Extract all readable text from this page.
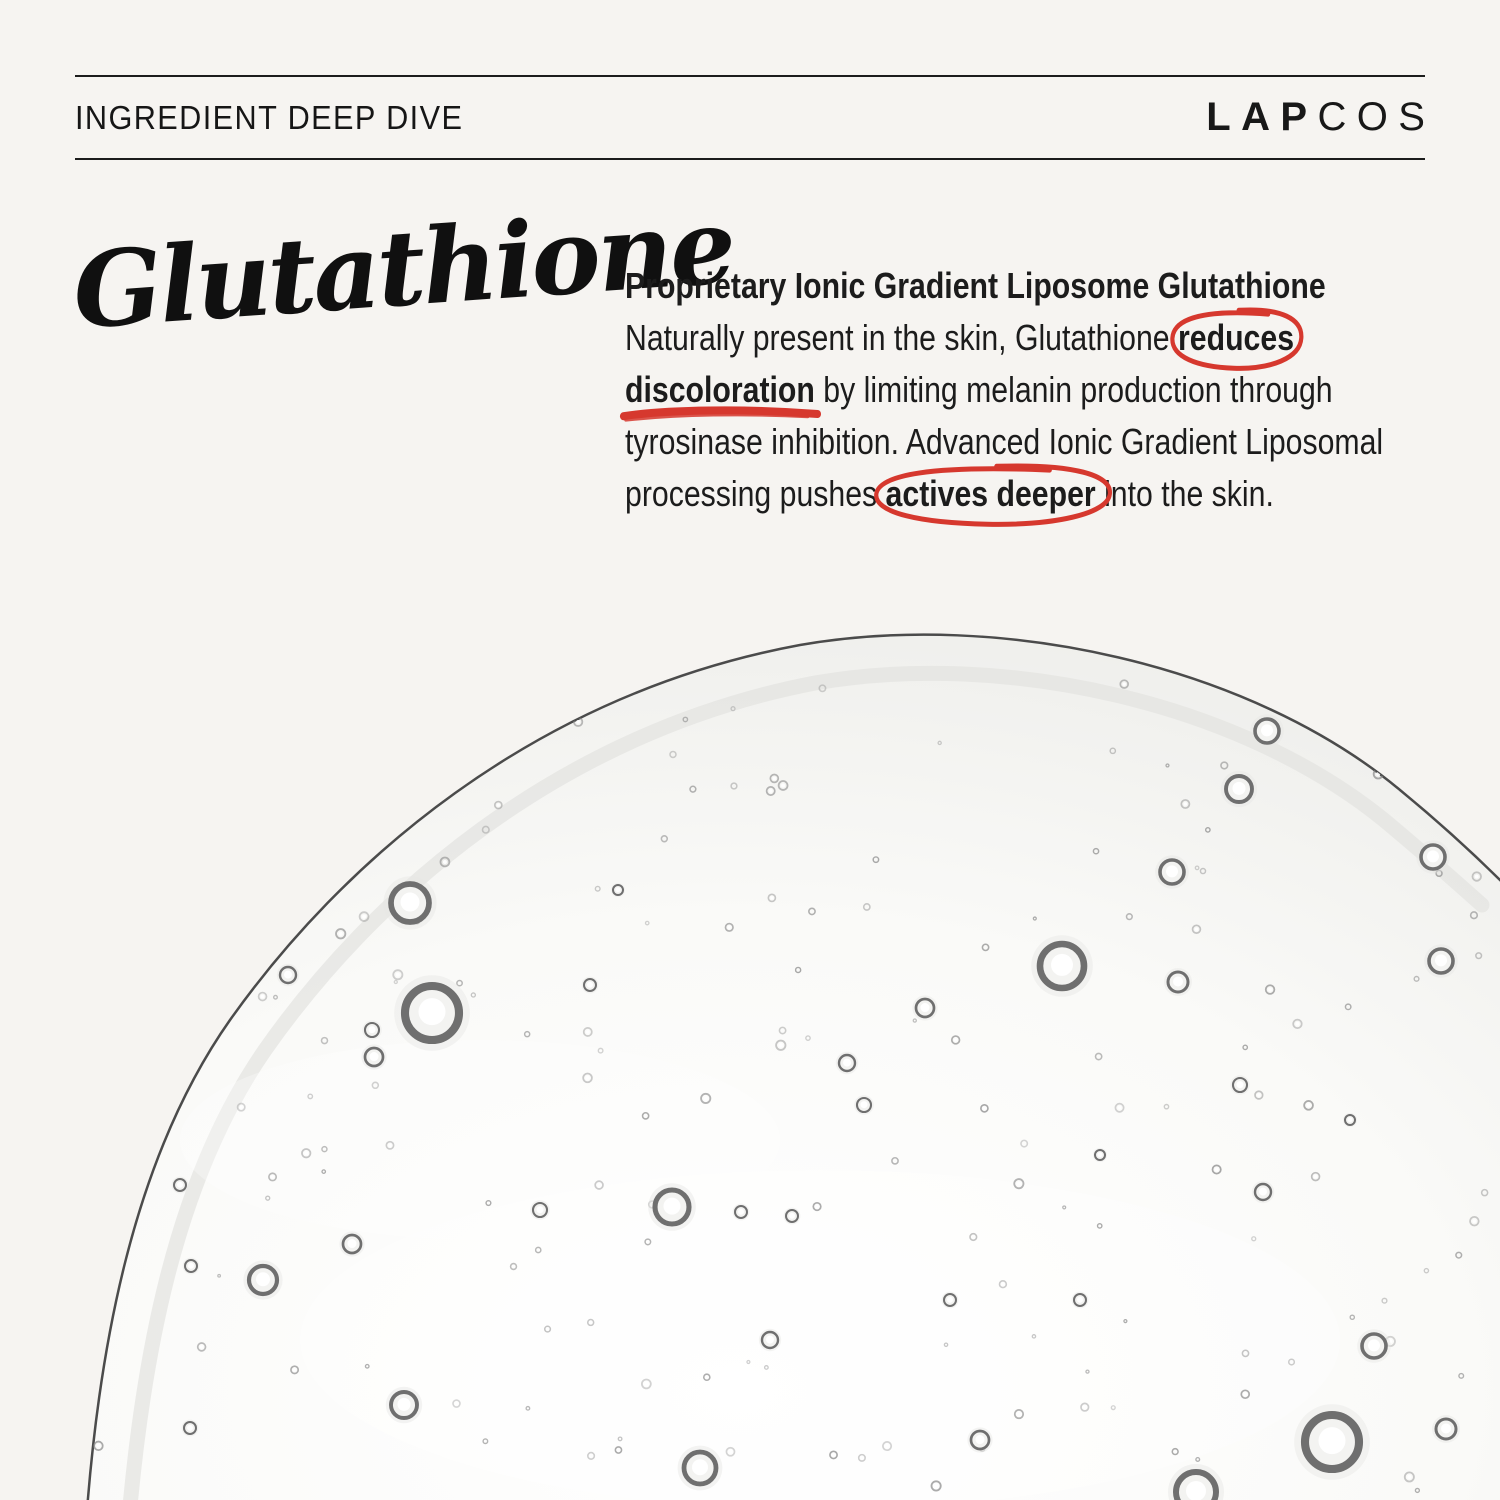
INGREDIENT DEEP DIVE	LAPCOS
Glutathione
Proprietary Ionic Gradient Liposome Glutathione
Naturally present in the skin, Glutathione
reduces
discoloration by limiting melanin production through
tyrosinase inhibition. Advanced Ionic Gradient Liposomal
processing pushes
actives deeper into the skin.
